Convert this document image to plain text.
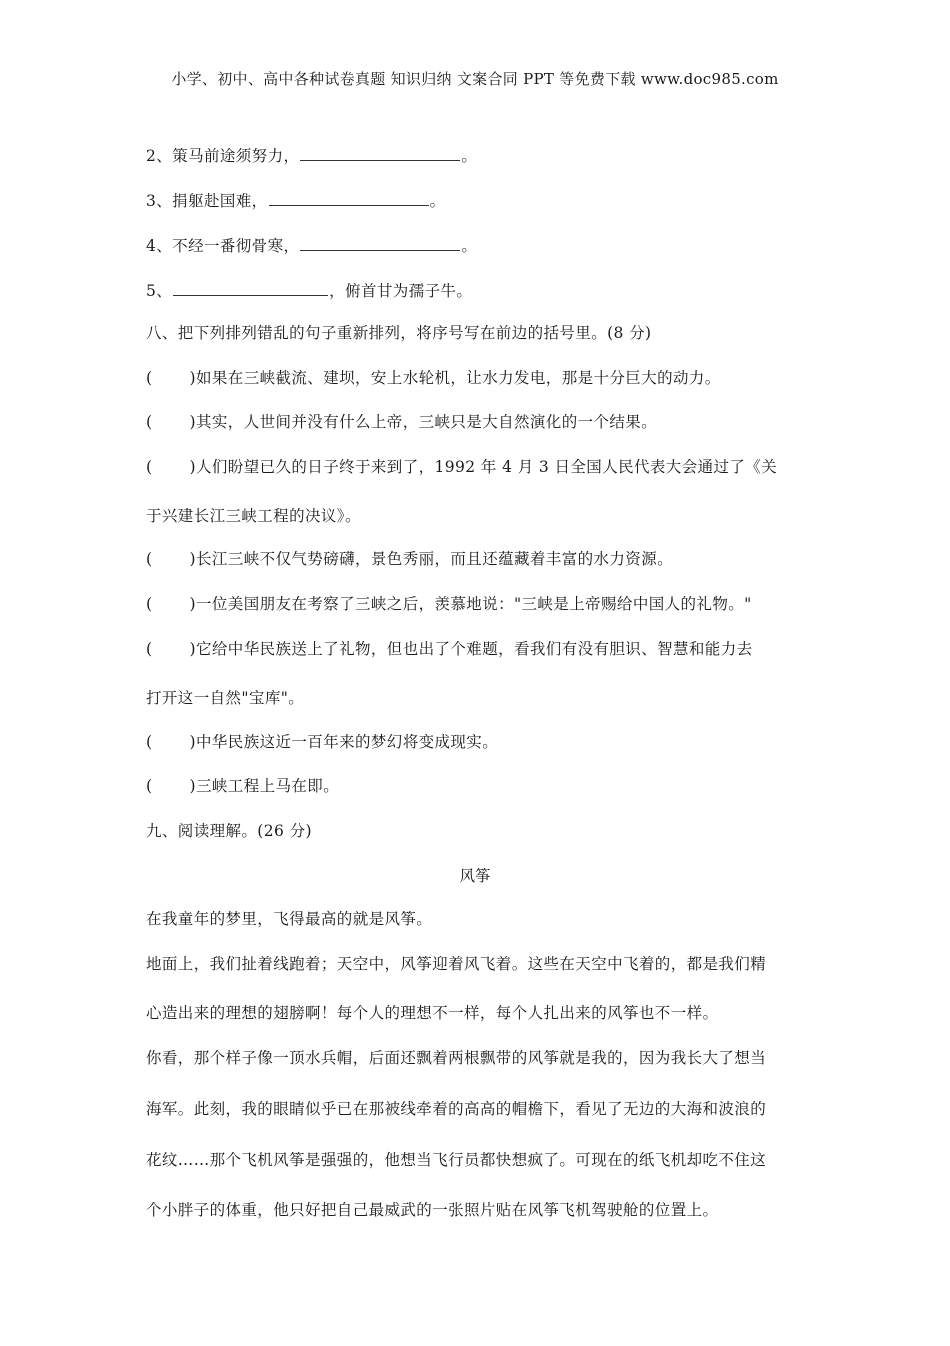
小学、初中、高中各种试卷真题 知识归纳 文案合同 PPT 等免费下载 www.doc985.com
2、策马前途须努力，	。
3、捐躯赴国难，	。
4、不经一番彻骨寒，	。
5、	，俯首甘为孺子牛。
八、把下列排列错乱的句子重新排列，将序号写在前边的括号里。(8 分)
( ) 如果在三峡截流、建坝，安上水轮机，让水力发电，那是十分巨大的动力。
( ) 其实，人世间并没有什么上帝，三峡只是大自然演化的一个结果。
( ) 人们盼望已久的日子终于来到了，1992 年 4 月 3 日全国人民代表大会通过了《关
于兴建长江三峡工程的决议》。
( ) 长江三峡不仅气势磅礴，景色秀丽，而且还蕴藏着丰富的水力资源。
( ) 一位美国朋友在考察了三峡之后，羡慕地说："三峡是上帝赐给中国人的礼物。"
( ) 它给中华民族送上了礼物，但也出了个难题，看我们有没有胆识、智慧和能力去
打开这一自然"宝库"。
( ) 中华民族这近一百年来的梦幻将变成现实。
( ) 三峡工程上马在即。
九、阅读理解。(26 分)
风筝
在我童年的梦里，飞得最高的就是风筝。
地面上，我们扯着线跑着；天空中，风筝迎着风飞着。这些在天空中飞着的，都是我们精
心造出来的理想的翅膀啊！每个人的理想不一样，每个人扎出来的风筝也不一样。
你看，那个样子像一顶水兵帽，后面还飘着两根飘带的风筝就是我的，因为我长大了想当
海军。此刻，我的眼睛似乎已在那被线牵着的高高的帽檐下，看见了无边的大海和波浪的
花纹……那个飞机风筝是强强的，他想当飞行员都快想疯了。可现在的纸飞机却吃不住这
个小胖子的体重，他只好把自己最威武的一张照片贴在风筝飞机驾驶舱的位置上。
